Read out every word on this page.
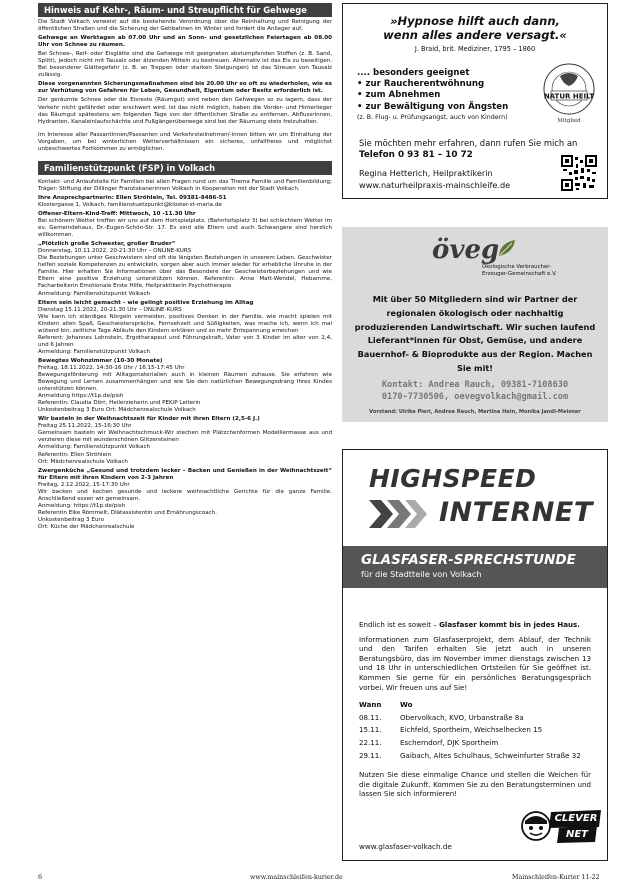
Hinweis auf Kehr-, Räum- und Streupflicht für Gehwege

Die Stadt Volkach verweist auf die bestehende Verordnung über die Reinhaltung und Reinigung der öffentlichen Straßen und die Sicherung der Gehbahnen im Winter und fordert die Anlieger auf,

Gehwege an Werktagen ab 07.00 Uhr und an Sonn- und gesetzlichen Feiertagen ab 08.00 Uhr von Schnee zu räumen.

Bei Schnee-, Reif- oder Eisglätte sind die Gehwege mit geeigneten abstumpfenden Stoffen (z. B. Sand, Splitt), jedoch nicht mit Tausalz oder ätzenden Mitteln zu bestreuen. Alternativ ist das Eis zu beseitigen. Bei besonderer Glättegefahr (z. B. an Treppen oder starken Steigungen) ist das Streuen von Tausalz zulässig.

Diese vorgenannten Sicherungsmaßnahmen sind bis 20.00 Uhr so oft zu wiederholen, wie es zur Verhütung von Gefahren für Leben, Gesundheit, Eigentum oder Besitz erforderlich ist.

Der geräumte Schnee oder die Eisreste (Räumgut) sind neben den Gehwegen so zu lagern, dass der Verkehr nicht gefährdet oder erschwert wird. Ist das nicht möglich, haben die Vorder- und Hinterlieger das Räumgut spätestens am folgenden Tage von der öffentlichen Straße zu entfernen. Abflussrinnen, Hydranten, Kanaleinlaufschächte und Fußgängerüberwege sind bei der Räumung stets freizuhalten.

Im Interesse aller Passantinnen/Passanten und Verkehrsteilnehmer/-innen bitten wir um Einhaltung der Vorgaben, um bei winterlichen Wetterverhältnissen ein sicheres, unfallfreies und möglichst unbeschwertes Fortkommen zu ermöglichen.

Familienstützpunkt (FSP) in Volkach

Kontakt- und Anlaufstelle für Familien bei allen Fragen rund um das Thema Familie und Familienbildung; Träger: Stiftung der Dillinger Franziskanerinnen Volkach in Kooperation mit der Stadt Volkach.

Ihre Ansprechpartnerin: Ellen Ströhlein, Tel. 09381-8486-51

Klostergasse 1, Volkach, familienstuetzpunkt@kloster-st-maria.de

Offener-Eltern-Kind-Treff: Mittwoch, 10 -11.30 Uhr

Bei schönem Wetter treffen wir uns auf dem Hortspielplatz, (Bahnhofsplatz 3) bei schlechtem Wetter im ev. Gemeindehaus, Dr.-Eugen-Schön-Str. 17. Es sind alle Eltern und auch Schwangere sind herzlich willkommen.

„Plötzlich große Schwester, großer Bruder“

Donnerstag, 10.11.2022, 20-21:30 Uhr – ONLINE-KURS
Die Beziehungen unter Geschwistern sind oft die längsten Beziehungen in unserem Leben. Geschwister helfen soziale Kompetenzen zu entwickeln, sorgen aber auch immer wieder für erhebliche Unruhe in der Familie. Hier erhalten Sie Informationen über das Besondere der Geschwisterbeziehungen und wie Eltern eine positive Erziehung unterstützen können. Referentin: Anne Matt-Wendel, Hebamme, Facharbeiterin Emotionale Erste Hilfe, Heilpraktikerin Psychotherapie
Anmeldung: Familienstützpunkt Volkach

Eltern sein leicht gemacht – wie gelingt positive Erziehung im Alltag

Dienstag 15.11.2022, 20-21.30 Uhr – ONLINE-KURS
Wie kann ich ständiges Nörgeln vermeiden, positives Denken in der Familie, wie macht spielen mit Kindern allen Spaß, Geschwisterspräche, Fernsehzeit und Süßigkeiten, was mache ich, wenn ich mal wütend bin, zeitliche Tage Abläufe den Kindern erklären und so mehr Entspannung erreichen
Referent: Johannes Lohnstein, Ergotherapeut und Führungskraft, Vater von 3 Kinder im alter von 2,4, und 6 Jahren
Anmeldung: Familienstützpunkt Volkach

Bewegtes Wohnzimmer (10-30 Monate)

Freitag, 18.11.2022, 14:30-16 Uhr / 16.15-17:45 Uhr
Bewegungsförderung mit Alltagsmaterialien auch in kleinen Räumen zuhause. Sie erfahren wie Bewegung und Lernen zusammenhängen und wie Sie den natürlichen Bewegungsdrang Ihres Kindes unterstützen können.
Anmeldung https://t1p.de/pish
Referentin: Claudia Dörr, Heilerzieherin und PEKiP Leiterin
Unkostenbeitrag 3 Euro Ort: Mädchenrealschule Volkach

Wir basteln in der Weihnachtszeit für Kinder mit ihren Eltern (2,5-6 J.)

Freitag 25.11.2022, 15-16:30 Uhr
Gemeinsam basteln wir Weihnachtschmuck-Wir stechen mit Plätzchenformen Modelliermasse aus und verzieren diese mit wunderschönen Glitzersteinen
Anmeldung: Familienstützpunkt Volkach
Referentin: Ellen Ströhlein
Ort: Mädchenrealschule Volkach

Zwergenküche „Gesund und trotzdem lecker – Backen und Genießen in der Weihnachtszeit“ für Eltern mit ihren Kindern von 2-3 Jahren

Freitag, 2.12.2022, 15-17:30 Uhr
Wir backen und kochen gesunde und leckere weihnachtliche Gerichte für die ganze Familie. Anschließend essen wir gemeinsam.
Anmeldung: https://t1p.de/pish
Referentin Elke Römmelt, Diätassistentin und Ernährungscoach.
Unkostenbeitrag 3 Euro
Ort: Küche der Mädchenrealschule

»Hypnose hilft auch dann,
wenn alles andere versagt.«
J. Braid, brit. Mediziner, 1795 – 1860
.... besonders geeignet
• zur Raucherentwöhnung
• zum Abnehmen
• zur Bewältigung von Ängsten
(z. B. Flug- u. Prüfungsangst, auch von Kindern)
NATUR HEILT
Mitglied
Sie möchten mehr erfahren, dann rufen Sie mich an
Telefon 0 93 81 – 10 72
Regina Hetterich, Heilpraktikerin
www.naturheilpraxis-mainschleife.de
öveg
Ökologische Verbraucher-
Erzeuger-Gemeinschaft e.V.
Mit über 50 Mitgliedern sind wir Partner der regionalen ökologisch oder nachhaltig produzierenden Landwirtschaft. Wir suchen laufend Lieferant*innen für Obst, Gemüse, und andere Bauernhof- & Bioprodukte aus der Region. Machen Sie mit!
Kontakt: Andrea Rauch, 09381-7108630
0170-7730506, oevegvolkach@gmail.com
Vorstand: Ulrike Pieri, Andrea Rauch, Martina Hein, Monika Jandl-Meisner
HIGHSPEED
INTERNET
GLASFASER-SPRECHSTUNDE
für die Stadtteile von Volkach
Endlich ist es soweit – Glasfaser kommt bis in jedes Haus.
Informationen zum Glasfaserprojekt, dem Ablauf, der Technik und den Tarifen erhalten Sie jetzt auch in unseren Beratungsbüro, das im November immer dienstags zwischen 13 und 18 Uhr in unterschiedlichen Ortsteilen für Sie geöffnet ist. Kommen Sie gerne für ein persönliches Beratungsgespräch vorbei. Wir freuen uns auf Sie!
Wann	Wo
08.11.	Obervolkach, KVO, Urbanstraße 8a
15.11.	Eichfeld, Sportheim, Weichselhecken 15
22.11.	Escherndorf, DJK Sportheim
29.11.	Gaibach, Altes Schulhaus, Schweinfurter Straße 32
Nutzen Sie diese einmalige Chance und stellen die Weichen für die digitale Zukunft. Kommen Sie zu den Beratungsterminen und lassen Sie sich informieren!
www.glasfaser-volkach.de
CLEVER
NET
6	www.mainschleifen-kurier.de	Mainschleifen-Kurier 11-22
